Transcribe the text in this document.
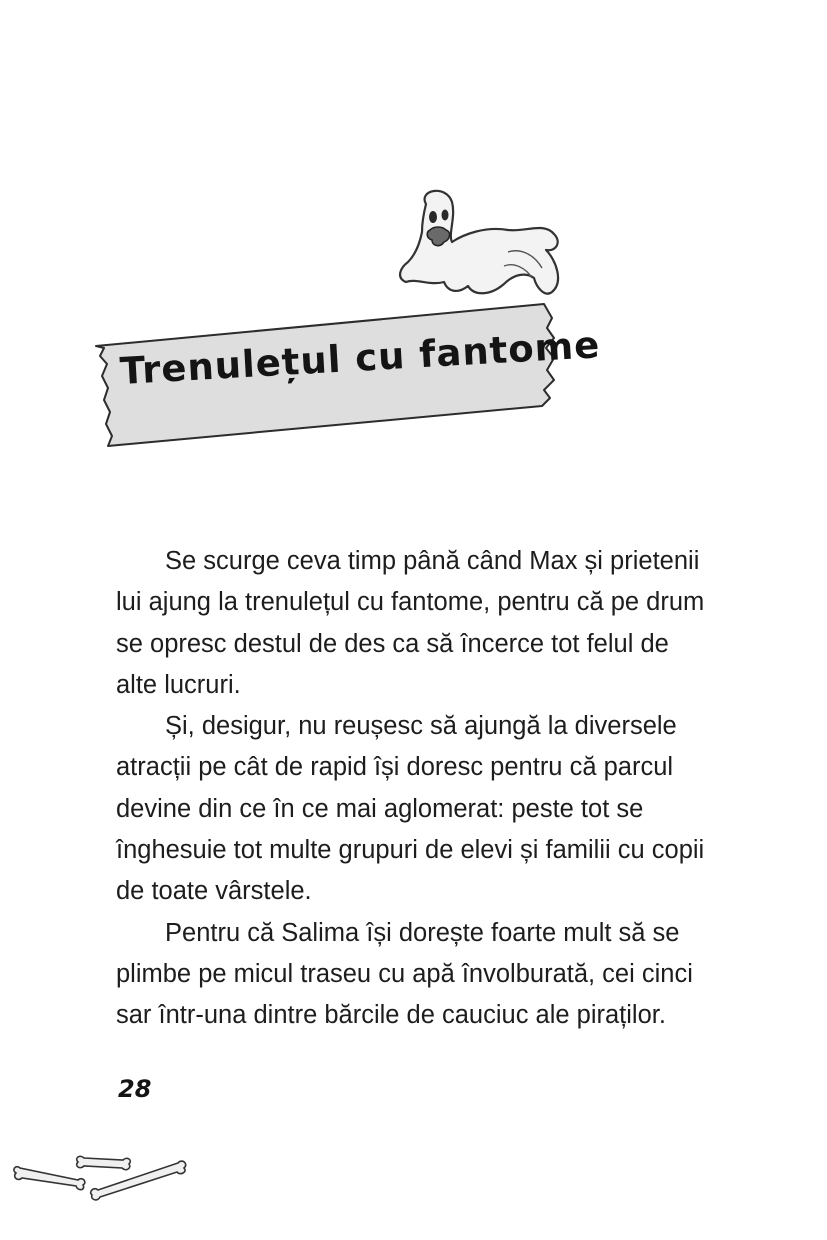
Trenulețul cu fantome

Se scurge ceva timp până când Max și prietenii lui ajung la trenulețul cu fantome, pentru că pe drum se opresc destul de des ca să încerce tot felul de alte lucruri.

Și, desigur, nu reușesc să ajungă la diversele atracții pe cât de rapid își doresc pentru că parcul devine din ce în ce mai aglomerat: peste tot se înghesuie tot multe grupuri de elevi și familii cu copii de toate vârstele.

Pentru că Salima își dorește foarte mult să se plimbe pe micul traseu cu apă învolburată, cei cinci sar într-una dintre bărcile de cauciuc ale piraților.

28
